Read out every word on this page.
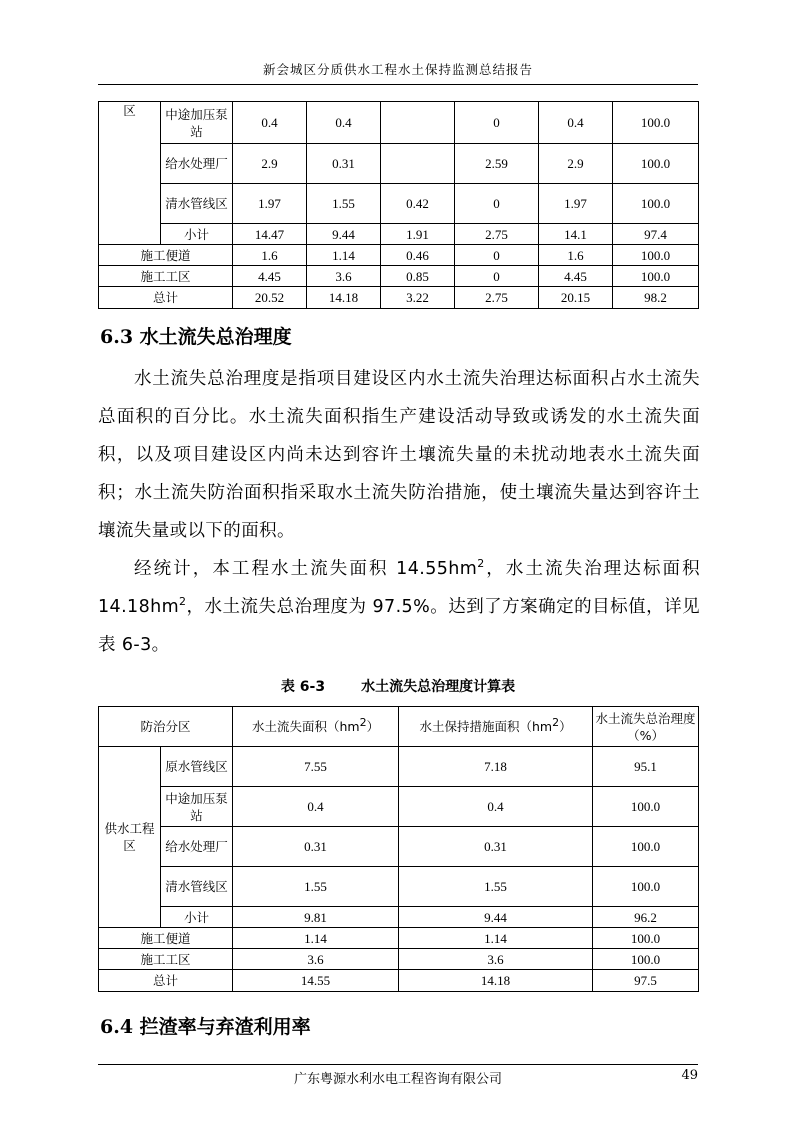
新会城区分质供水工程水土保持监测总结报告
区	中途加压泵站	0.4	0.4		0	0.4	100.0
	给水处理厂	2.9	0.31		2.59	2.9	100.0
	清水管线区	1.97	1.55	0.42	0	1.97	100.0
	小计	14.47	9.44	1.91	2.75	14.1	97.4
施工便道		1.6	1.14	0.46	0	1.6	100.0
施工工区		4.45	3.6	0.85	0	4.45	100.0
总计		20.52	14.18	3.22	2.75	20.15	98.2
6.3 水土流失总治理度

水土流失总治理度是指项目建设区内水土流失治理达标面积占水土流失总面积的百分比。水土流失面积指生产建设活动导致或诱发的水土流失面积，以及项目建设区内尚未达到容许土壤流失量的未扰动地表水土流失面积；水土流失防治面积指采取水土流失防治措施，使土壤流失量达到容许土壤流失量或以下的面积。

经统计，本工程水土流失面积 $14.55hm^2$，水土流失治理达标面积 $14.18hm^2$，水土流失总治理度为 97.5%。达到了方案确定的目标值，详见表 6-3。

表 6-3	水土流失总治理度计算表
防治分区		水土流失面积$(hm^2)$	水土保持措施面积$(hm^2)$	水土流失总治理度（%）
供水工程区	原水管线区	7.55	7.18	95.1
	中途加压泵站	0.4	0.4	100.0
	给水处理厂	0.31	0.31	100.0
	清水管线区	1.55	1.55	100.0
	小计	9.81	9.44	96.2
施工便道		1.14	1.14	100.0
施工工区		3.6	3.6	100.0
总计		14.55	14.18	97.5
6.4 拦渣率与弃渣利用率
广东粤源水利水电工程咨询有限公司	49
